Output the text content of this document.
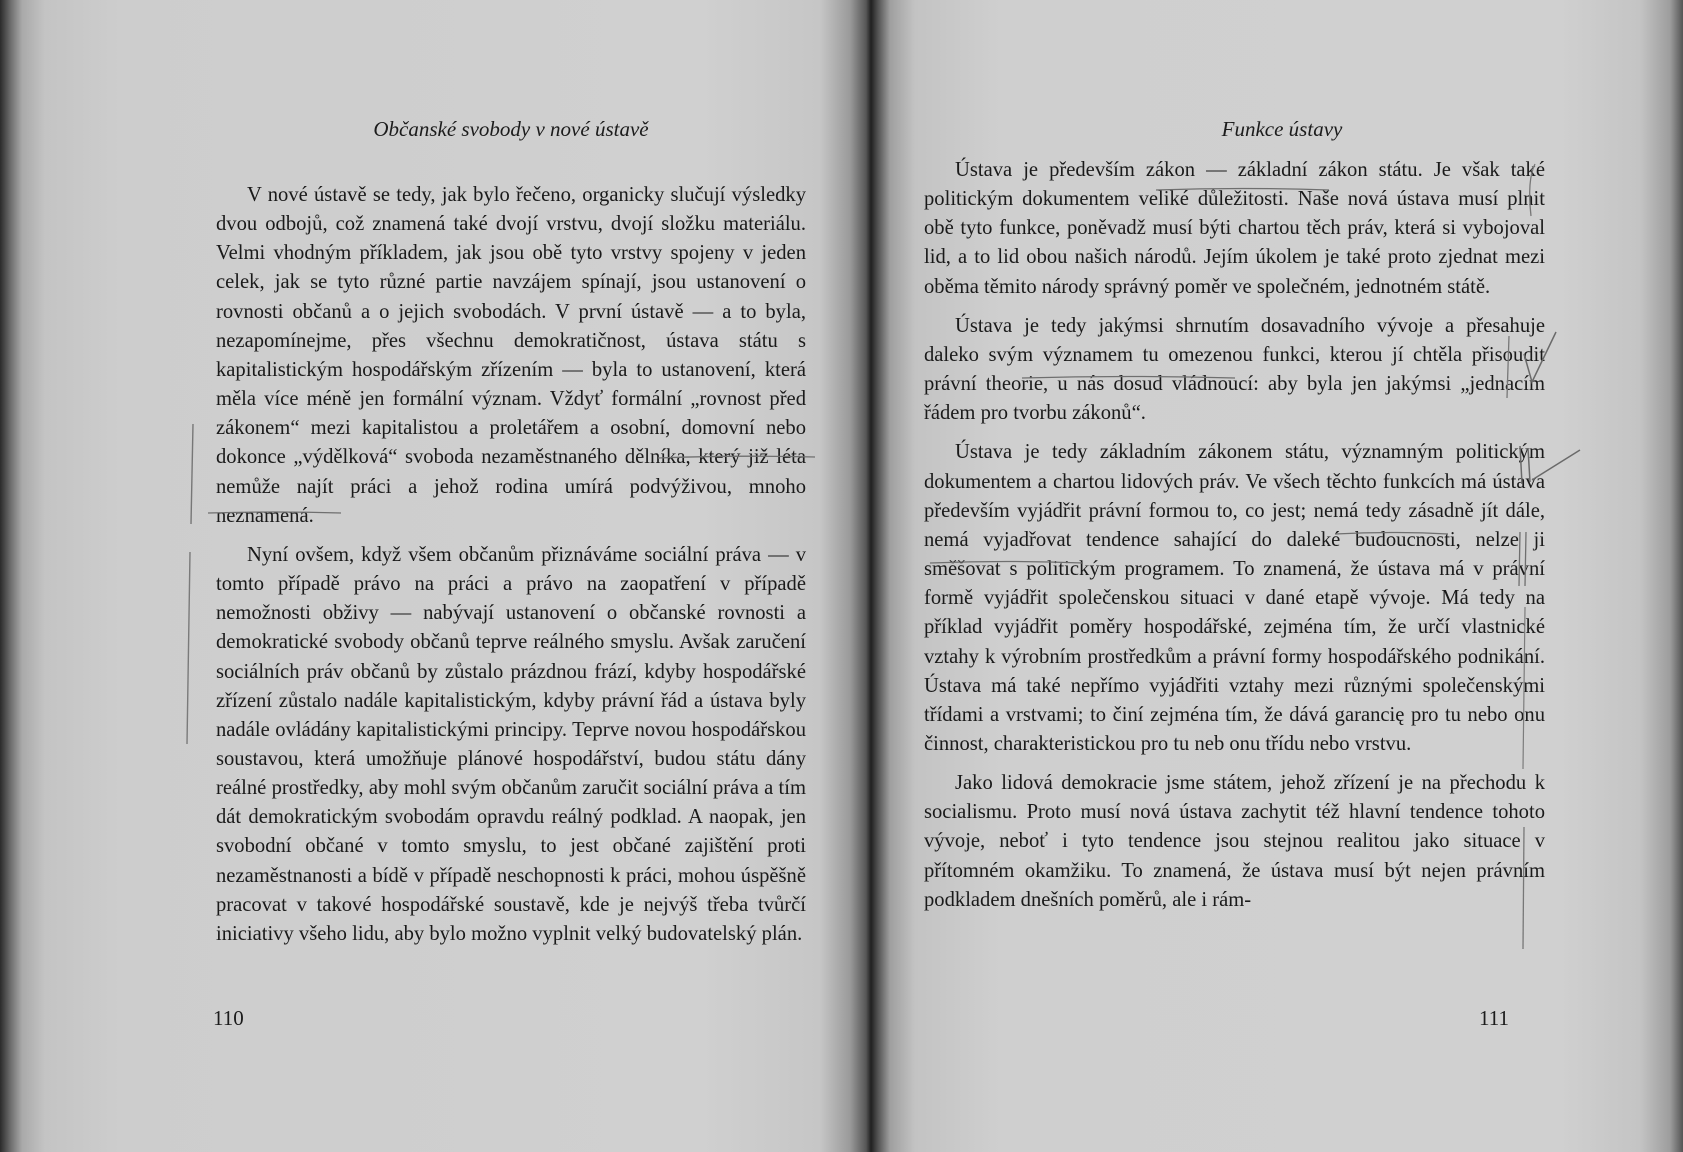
Občanské svobody v nové ústavě

V nové ústavě se tedy, jak bylo řečeno, organicky slučují výsledky dvou odbojů, což znamená také dvojí vrstvu, dvojí složku materiálu. Velmi vhodným příkladem, jak jsou obě tyto vrstvy spojeny v jeden celek, jak se tyto různé partie navzájem spínají, jsou ustanovení o rovnosti občanů a o jejich svobodách. V první ústavě — a to byla, nezapomínejme, přes všechnu demokratičnost, ústava státu s kapitalistickým hospodářským zřízením — byla to ustanovení, která měla více méně jen formální význam. Vždyť formální „rovnost před zákonem“ mezi kapitalistou a proletářem a osobní, domovní nebo dokonce „výdělková“ svoboda nezaměstnaného dělníka, který již léta nemůže najít práci a jehož rodina umírá podvýživou, mnoho neznamená.

Nyní ovšem, když všem občanům přiznáváme sociální práva — v tomto případě právo na práci a právo na zaopatření v případě nemožnosti obživy — nabývají ustanovení o občanské rovnosti a demokratické svobody občanů teprve reálného smyslu. Avšak zaručení sociálních práv občanů by zůstalo prázdnou frází, kdyby hospodářské zřízení zůstalo nadále kapitalistickým, kdyby právní řád a ústava byly nadále ovládány kapitalistickými principy. Teprve novou hospodářskou soustavou, která umožňuje plánové hospodářství, budou státu dány reálné prostředky, aby mohl svým občanům zaručit sociální práva a tím dát demokratickým svobodám opravdu reálný podklad. A naopak, jen svobodní občané v tomto smyslu, to jest občané zajištění proti nezaměstnanosti a bídě v případě neschopnosti k práci, mohou úspěšně pracovat v takové hospodářské soustavě, kde je nejvýš třeba tvůrčí iniciativy všeho lidu, aby bylo možno vyplnit velký budovatelský plán.

110
Funkce ústavy

Ústava je především zákon — základní zákon státu. Je však také politickým dokumentem veliké důležitosti. Naše nová ústava musí plnit obě tyto funkce, poněvadž musí býti chartou těch práv, která si vybojoval lid, a to lid obou našich národů. Jejím úkolem je také proto zjednat mezi oběma těmito národy správný poměr ve společném, jednotném státě.

Ústava je tedy jakýmsi shrnutím dosavadního vývoje a přesahuje daleko svým významem tu omezenou funkci, kterou jí chtěla přisoudit právní theorie, u nás dosud vládnoucí: aby byla jen jakýmsi „jednacím řádem pro tvorbu zákonů“.

Ústava je tedy základním zákonem státu, významným politickým dokumentem a chartou lidových práv. Ve všech těchto funkcích má ústava především vyjádřit právní formou to, co jest; nemá tedy zásadně jít dále, nemá vyjadřovat tendence sahající do daleké budoucnosti, nelze ji směšovat s politickým programem. To znamená, že ústava má v právní formě vyjádřit společenskou situaci v dané etapě vývoje. Má tedy na příklad vyjádřit poměry hospodářské, zejména tím, že určí vlastnické vztahy k výrobním prostředkům a právní formy hospodářského podnikání. Ústava má také nepřímo vyjádřiti vztahy mezi různými společenskými třídami a vrstvami; to činí zejména tím, že dává garancię pro tu nebo onu činnost, charakteristickou pro tu neb onu třídu nebo vrstvu.

Jako lidová demokracie jsme státem, jehož zřízení je na přechodu k socialismu. Proto musí nová ústava zachytit též hlavní tendence tohoto vývoje, neboť i tyto tendence jsou stejnou realitou jako situace v přítomném okamžiku. To znamená, že ústava musí být nejen právním podkladem dnešních poměrů, ale i rám-

111
